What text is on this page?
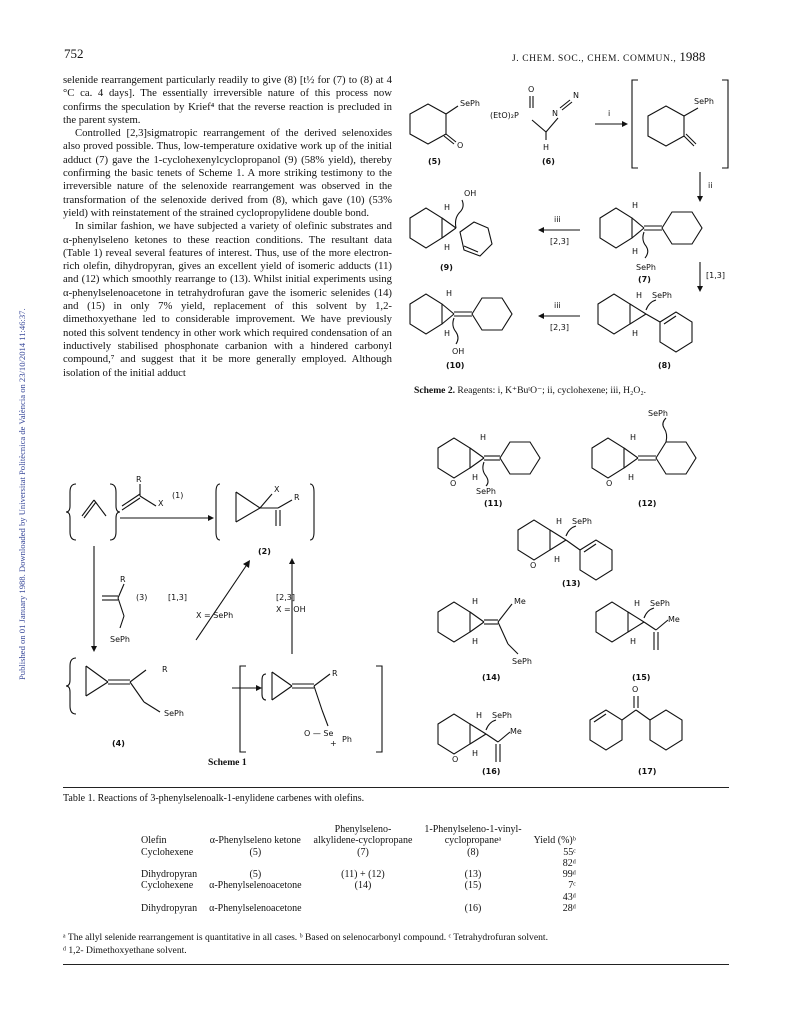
752	J. CHEM. SOC., CHEM. COMMUN., 1988
Published on 01 January 1988. Downloaded by Universitat Politècnica de València on 23/10/2014 11:46:37.

selenide rearrangement particularly readily to give (8) [t½ for (7) to (8) at 4 °C ca. 4 days]. The essentially irreversible nature of this process now confirms the speculation by Krief⁴ that the reverse reaction is precluded in the parent system.

Controlled [2,3]sigmatropic rearrangement of the derived selenoxides also proved possible. Thus, low-temperature oxidative work up of the initial adduct (7) gave the 1-cyclohexenylcyclopropanol (9) (58% yield), thereby confirming the basic tenets of Scheme 1. A more striking testimony to the irreversible nature of the selenoxide rearrangement was observed in the transformation of the selenoxide derived from (8), which gave (10) (53% yield) with reinstatement of the strained cyclopropylidene double bond.

In similar fashion, we have subjected a variety of olefinic substrates and α-phenylseleno ketones to these reaction conditions. The resultant data (Table 1) reveal several features of interest. Thus, use of the more electron-rich olefin, dihydropyran, gives an excellent yield of isomeric adducts (11) and (12) which smoothly rearrange to (13). Whilst initial experiments using α-phenylselenoacetone in tetrahydrofuran gave the isomeric selenides (14) and (15) in only 7% yield, replacement of this solvent by 1,2-dimethoxyethane led to considerable improvement. We have previously noted this solvent tendency in other work which required condensation of an inductively stabilised phosphonate carbanion with a hindered carbonyl compound,⁷ and suggest that it be more generally employed. Although isolation of the initial adduct

SePh
O
(5)
(EtO)₂P
O
N
N
H
(6)
i
SePh
ii
H
H
SePh
(7)
iii
[2,3]
OH
H
H
(9)
[1,3]
H SePh
H
(8)
iii
[2,3]
H
H
OH
(10)
Scheme 2. Reagents: i, K⁺BuᵗO⁻; ii, cyclohexene; iii, H₂O₂.
O
H
H
SePh
(11)
SePh
O
H
H
(12)
O
H SePh
H
(13)
Me
H
H
SePh
(14)
H SePh
Me
H
(15)
O
H SePh
Me
H
(16)
O
(17)
R
X
(1)
X
R
(2)
R
(3)
SePh
[1,3]
X = SePh
[2,3]
X = OH
R
SePh
(4)
R
O — Se
+ Ph
Scheme 1
Table 1. Reactions of 3-phenylselenoalk-1-enylidene carbenes with olefins.
		Phenylseleno-	1-Phenylseleno-1-vinyl-	
Olefin	α-Phenylseleno ketone	alkylidene-cyclopropane	cyclopropaneᵃ	Yield (%)ᵇ
Cyclohexene	(5)	(7)	(8)	55ᶜ
				82ᵈ
Dihydropyran	(5)	(11) + (12)	(13)	99ᵈ
Cyclohexene	α-Phenylselenoacetone	(14)	(15)	7ᶜ
				43ᵈ
Dihydropyran	α-Phenylselenoacetone		(16)	28ᵈ
ᵃ The allyl selenide rearrangement is quantitative in all cases. ᵇ Based on selenocarbonyl compound. ᶜ Tetrahydrofuran solvent.
ᵈ 1,2- Dimethoxyethane solvent.
